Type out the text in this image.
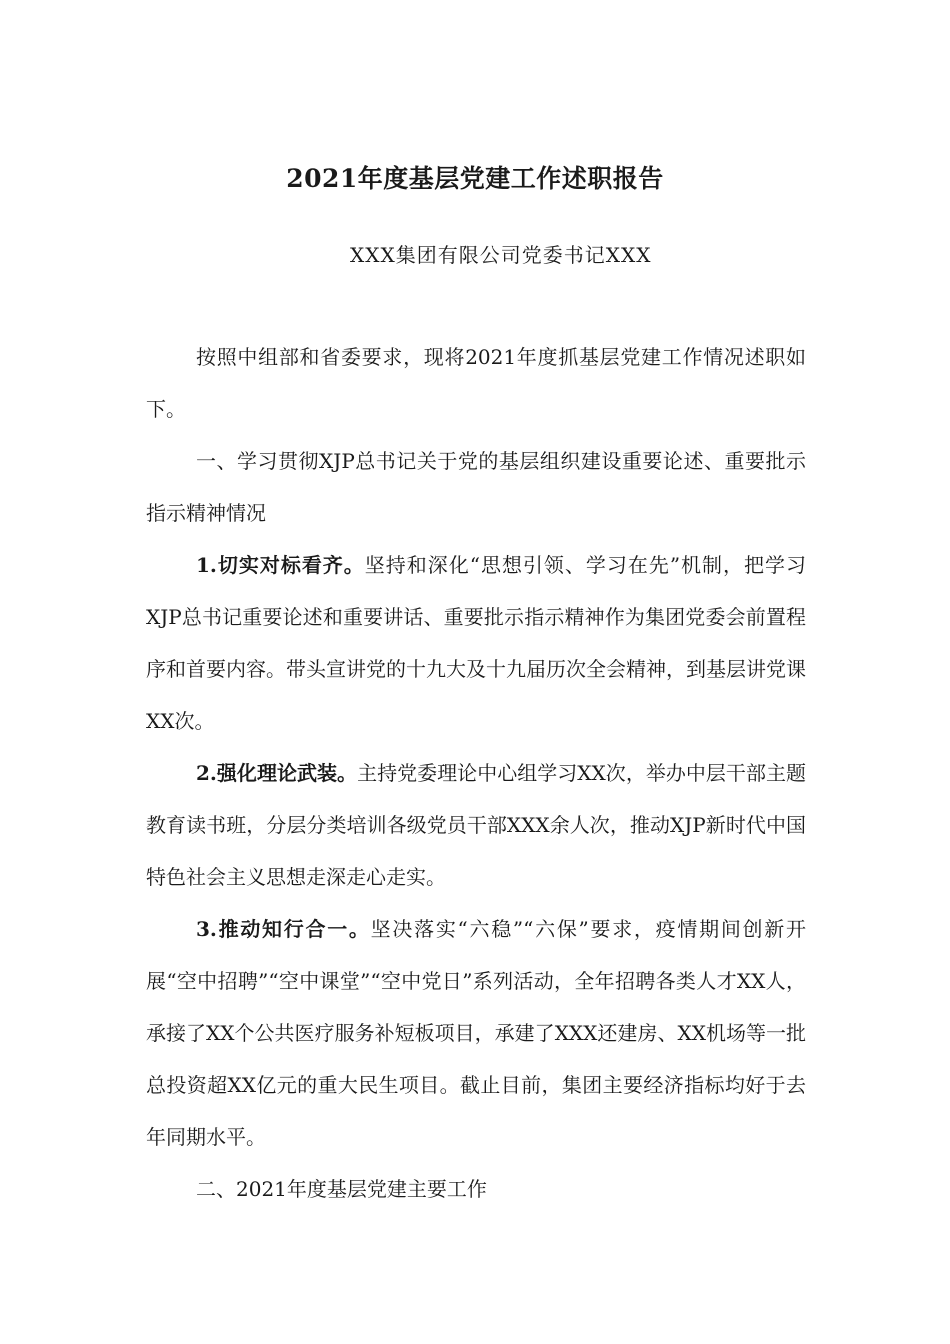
2021年度基层党建工作述职报告
XXX集团有限公司党委书记XXX

按照中组部和省委要求，现将2021年度抓基层党建工作情况述职如下。

一、学习贯彻XJP总书记关于党的基层组织建设重要论述、重要批示指示精神情况

1.切实对标看齐。坚持和深化“思想引领、学习在先”机制，把学习XJP总书记重要论述和重要讲话、重要批示指示精神作为集团党委会前置程序和首要内容。带头宣讲党的十九大及十九届历次全会精神，到基层讲党课XX次。

2.强化理论武装。主持党委理论中心组学习XX次，举办中层干部主题教育读书班，分层分类培训各级党员干部XXX余人次，推动XJP新时代中国特色社会主义思想走深走心走实。

3.推动知行合一。坚决落实“六稳”“六保”要求，疫情期间创新开展“空中招聘”“空中课堂”“空中党日”系列活动，全年招聘各类人才XX人，承接了XX个公共医疗服务补短板项目，承建了XXX还建房、XX机场等一批总投资超XX亿元的重大民生项目。截止目前，集团主要经济指标均好于去年同期水平。

二、2021年度基层党建主要工作
